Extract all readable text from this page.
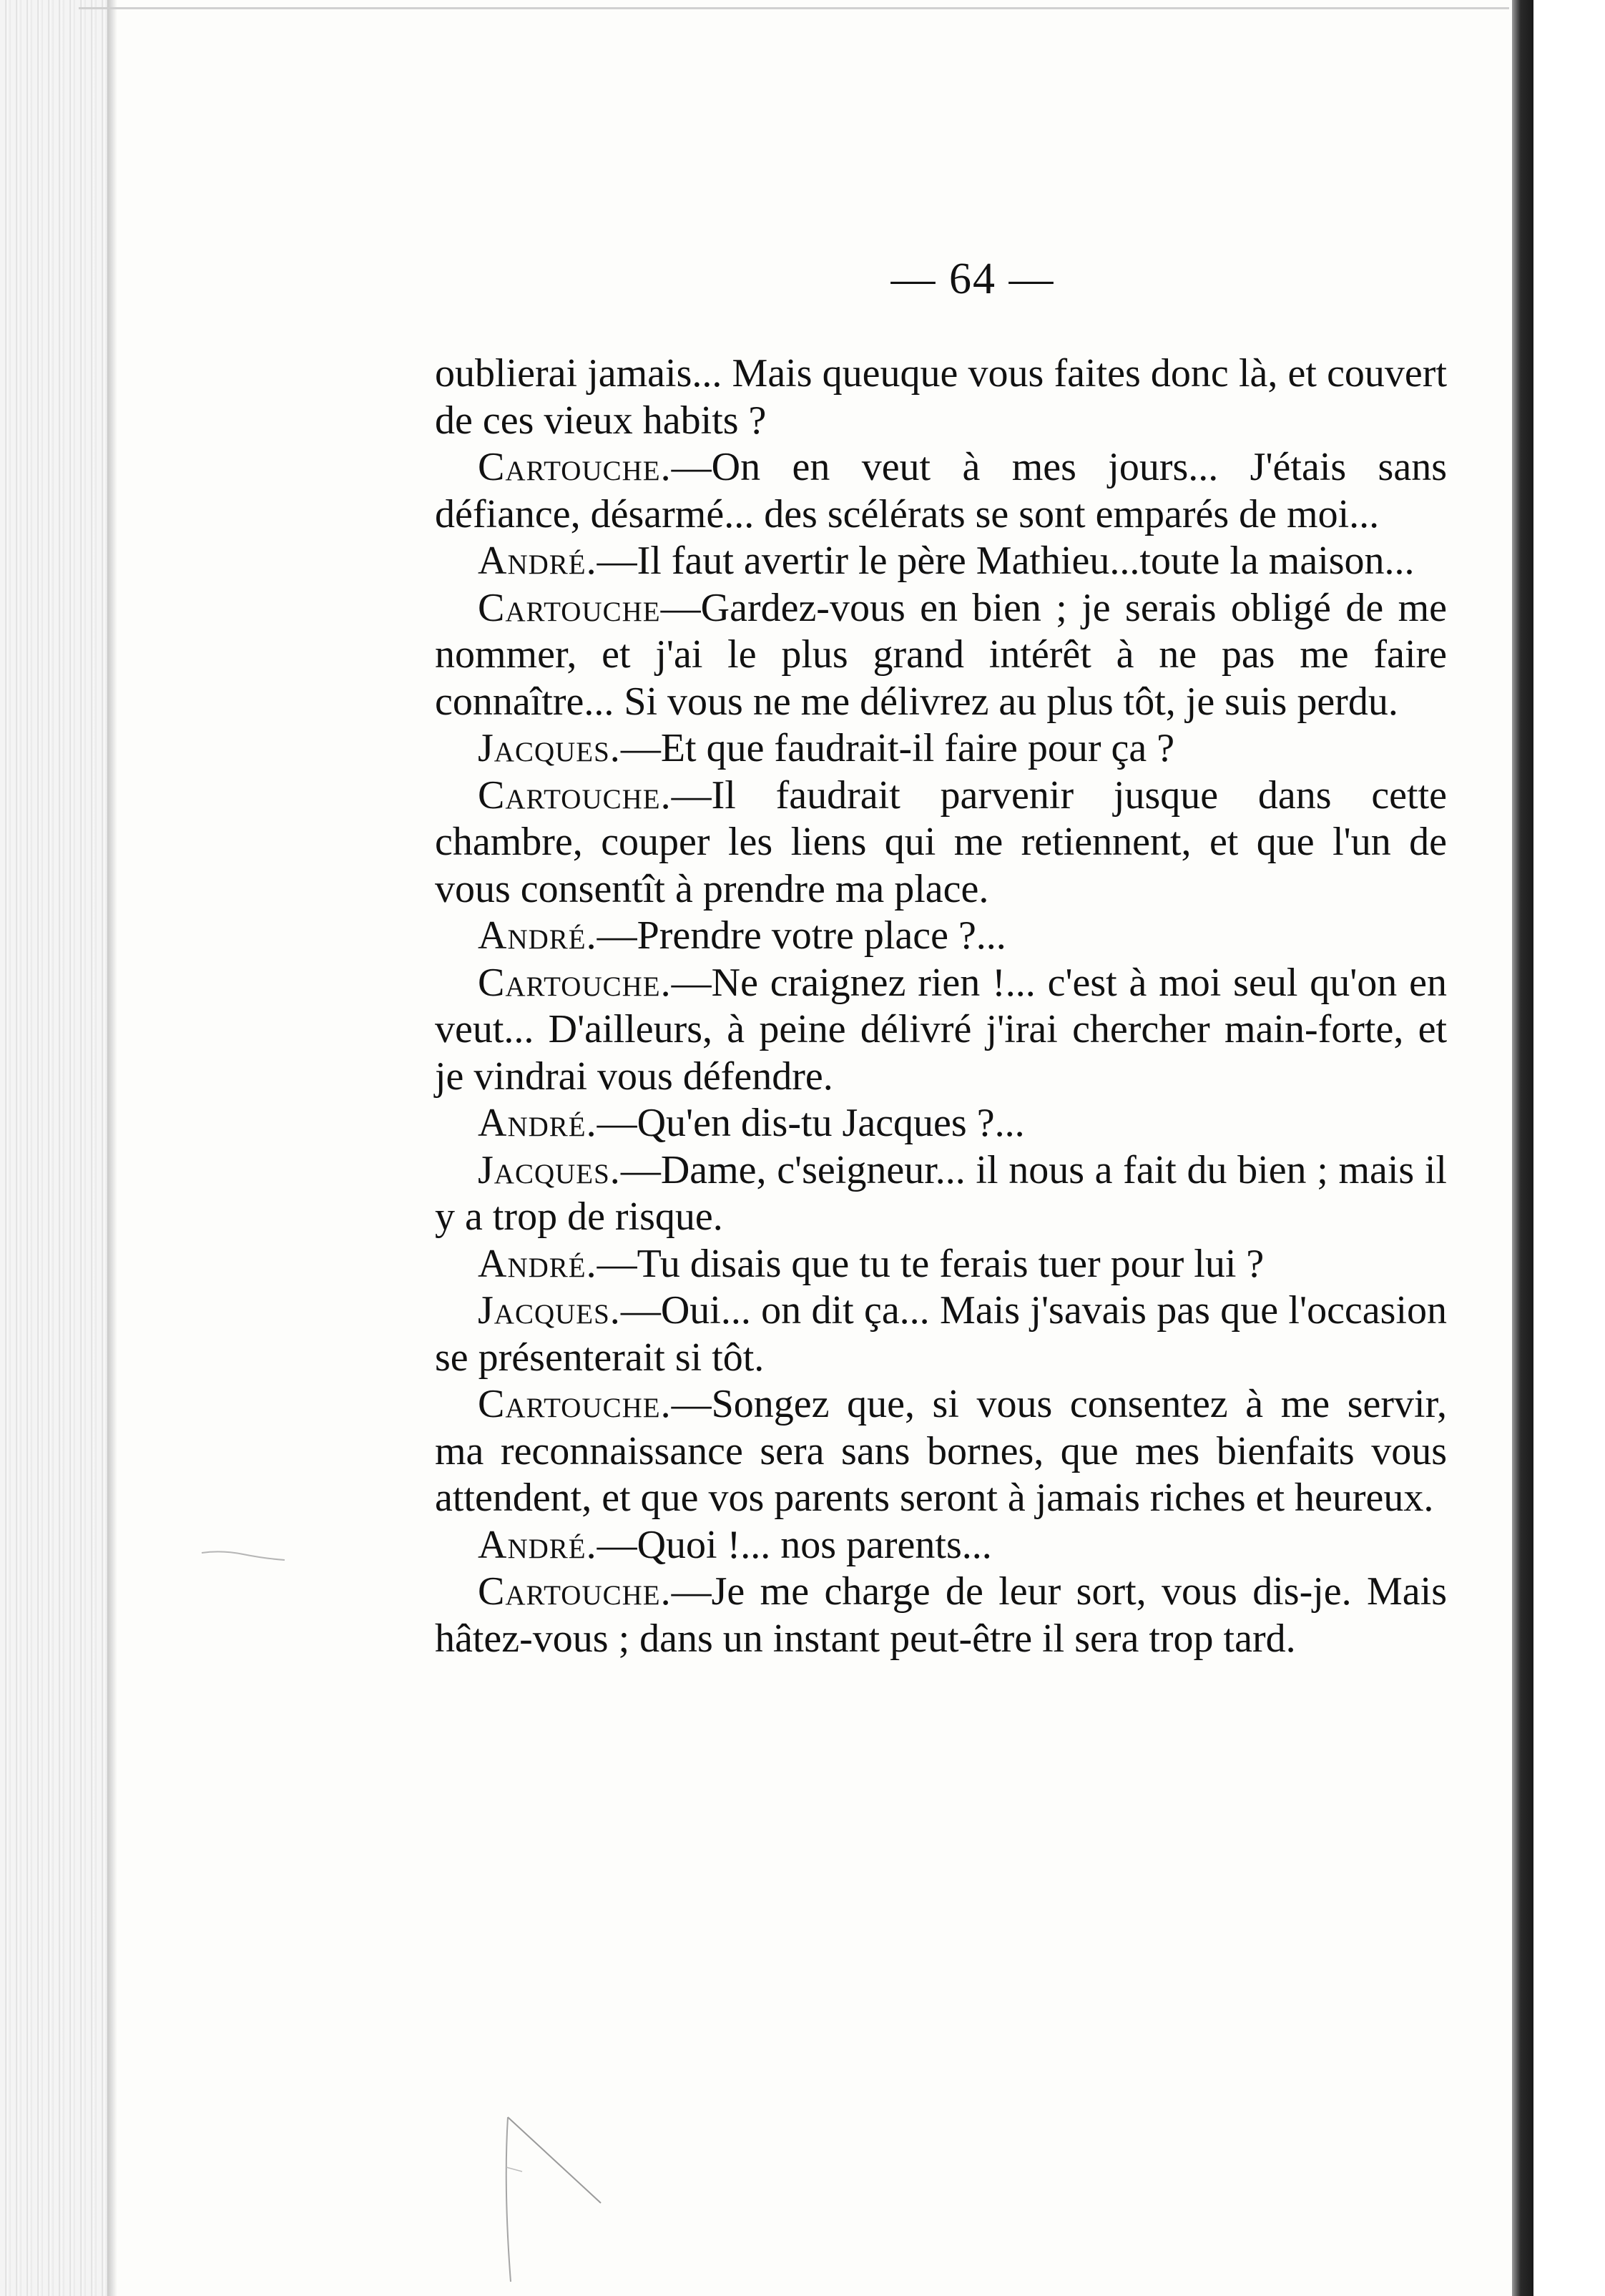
— 64 —

oublierai jamais... Mais queuque vous faites donc là, et couvert de ces vieux habits ?

Cartouche.—On en veut à mes jours... J'étais sans défiance, désarmé... des scélérats se sont emparés de moi...

André.—Il faut avertir le père Mathieu...toute la maison...

Cartouche—Gardez-vous en bien ; je serais obligé de me nommer, et j'ai le plus grand intérêt à ne pas me faire connaître... Si vous ne me délivrez au plus tôt, je suis perdu.

Jacques.—Et que faudrait-il faire pour ça ?

Cartouche.—Il faudrait parvenir jusque dans cette chambre, couper les liens qui me retiennent, et que l'un de vous consentît à prendre ma place.

André.—Prendre votre place ?...

Cartouche.—Ne craignez rien !... c'est à moi seul qu'on en veut... D'ailleurs, à peine délivré j'irai chercher main-forte, et je vindrai vous défendre.

André.—Qu'en dis-tu Jacques ?...

Jacques.—Dame, c'seigneur... il nous a fait du bien ; mais il y a trop de risque.

André.—Tu disais que tu te ferais tuer pour lui ?

Jacques.—Oui... on dit ça... Mais j'savais pas que l'occasion se présenterait si tôt.

Cartouche.—Songez que, si vous consentez à me servir, ma reconnaissance sera sans bornes, que mes bienfaits vous attendent, et que vos parents seront à jamais riches et heureux.

André.—Quoi !... nos parents...

Cartouche.—Je me charge de leur sort, vous dis-je. Mais hâtez-vous ; dans un instant peut-être il sera trop tard.
